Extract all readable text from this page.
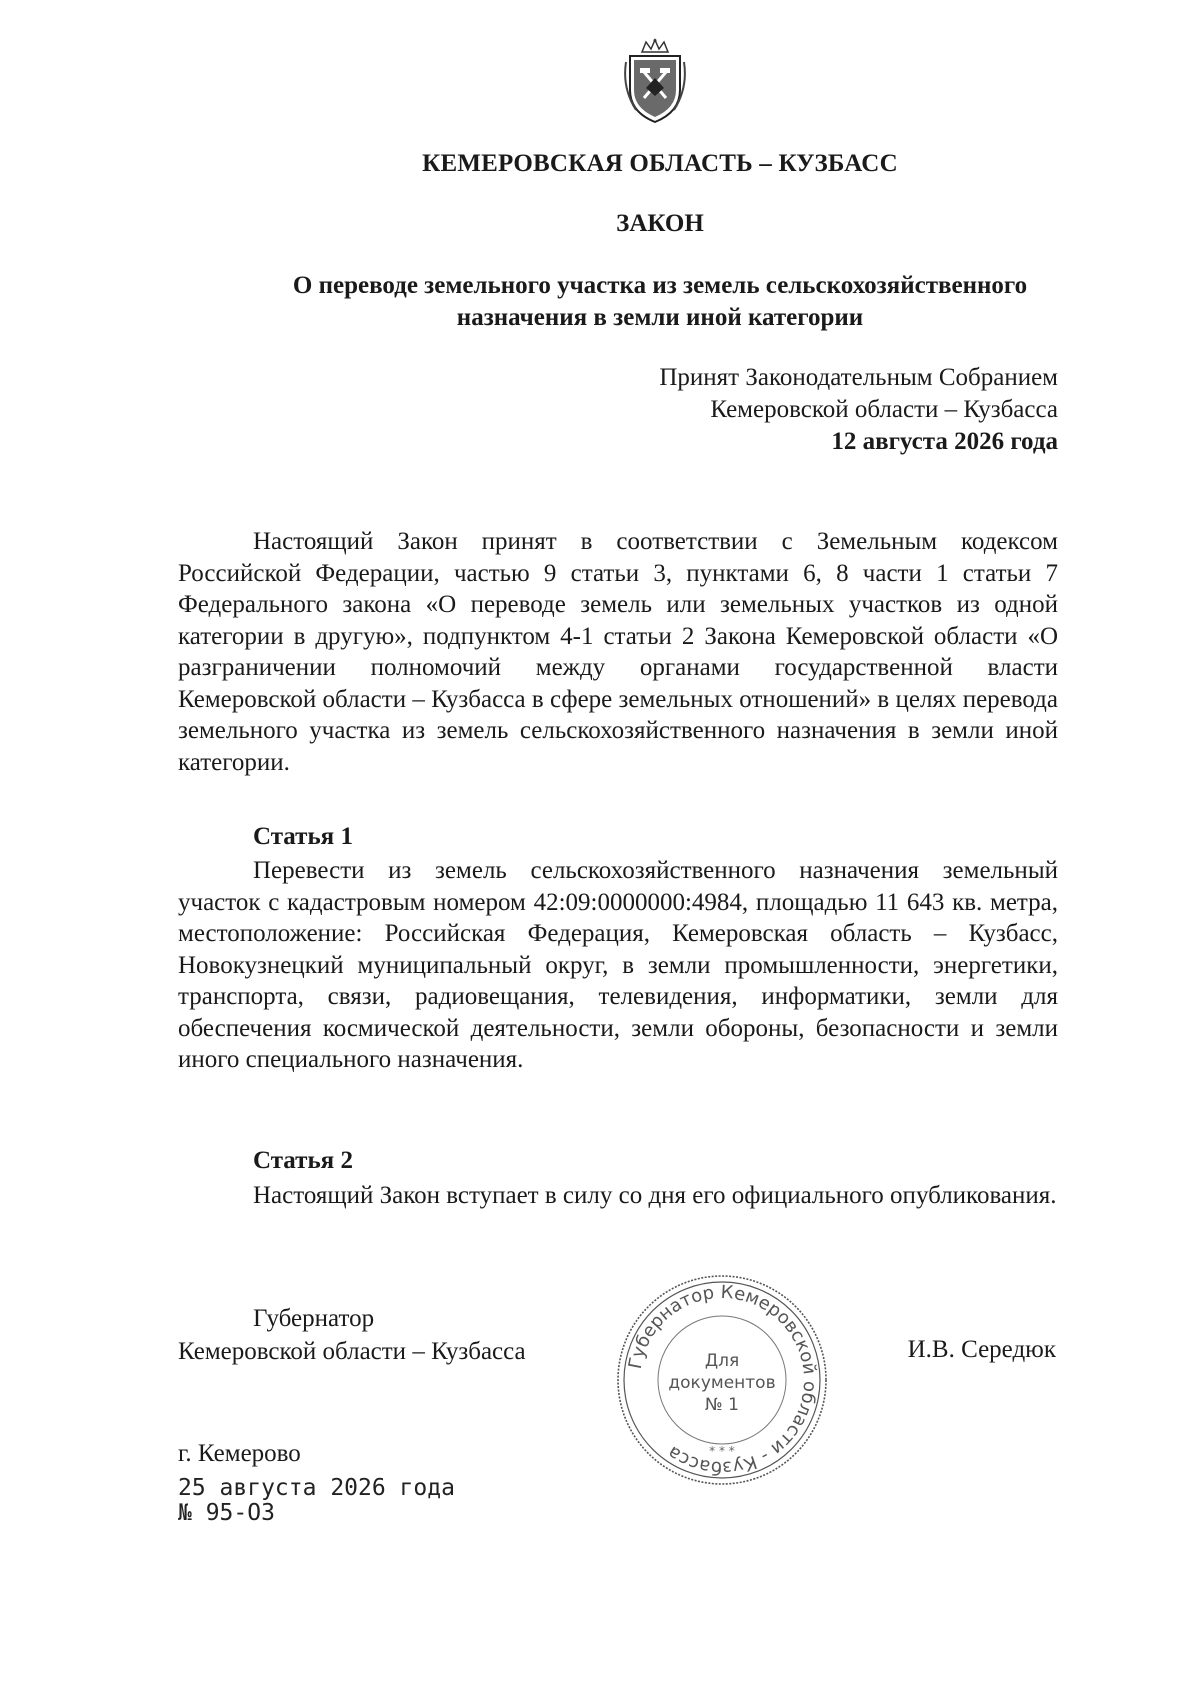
КЕМЕРОВСКАЯ ОБЛАСТЬ – КУЗБАСС
ЗАКОН
О переводе земельного участка из земель сельскохозяйственного
назначения в земли иной категории
Принят Законодательным Собранием
Кемеровской области – Кузбасса
12 августа 2026 года
Настоящий Закон принят в соответствии с Земельным кодексом Российской Федерации, частью 9 статьи 3, пунктами 6, 8 части 1 статьи 7 Федерального закона «О переводе земель или земельных участков из одной категории в другую», подпунктом 4-1 статьи 2 Закона Кемеровской области «О разграничении полномочий между органами государственной власти Кемеровской области – Кузбасса в сфере земельных отношений» в целях перевода земельного участка из земель сельскохозяйственного назначения в земли иной категории.
Статья 1
Перевести из земель сельскохозяйственного назначения земельный участок с кадастровым номером 42:09:0000000:4984, площадью 11 643 кв. метра, местоположение: Российская Федерация, Кемеровская область – Кузбасс, Новокузнецкий муниципальный округ, в земли промышленности, энергетики, транспорта, связи, радиовещания, телевидения, информатики, земли для обеспечения космической деятельности, земли обороны, безопасности и земли иного специального назначения.
Статья 2
Настоящий Закон вступает в силу со дня его официального опубликования.
Губернатор
Кемеровской области – Кузбасса	Губернатор Кемеровской области - Кузбасса
Для
документов
№ 1
* * *
И.В. Середюк
г. Кемерово
25 августа 2026 года
№ 95-ОЗ
